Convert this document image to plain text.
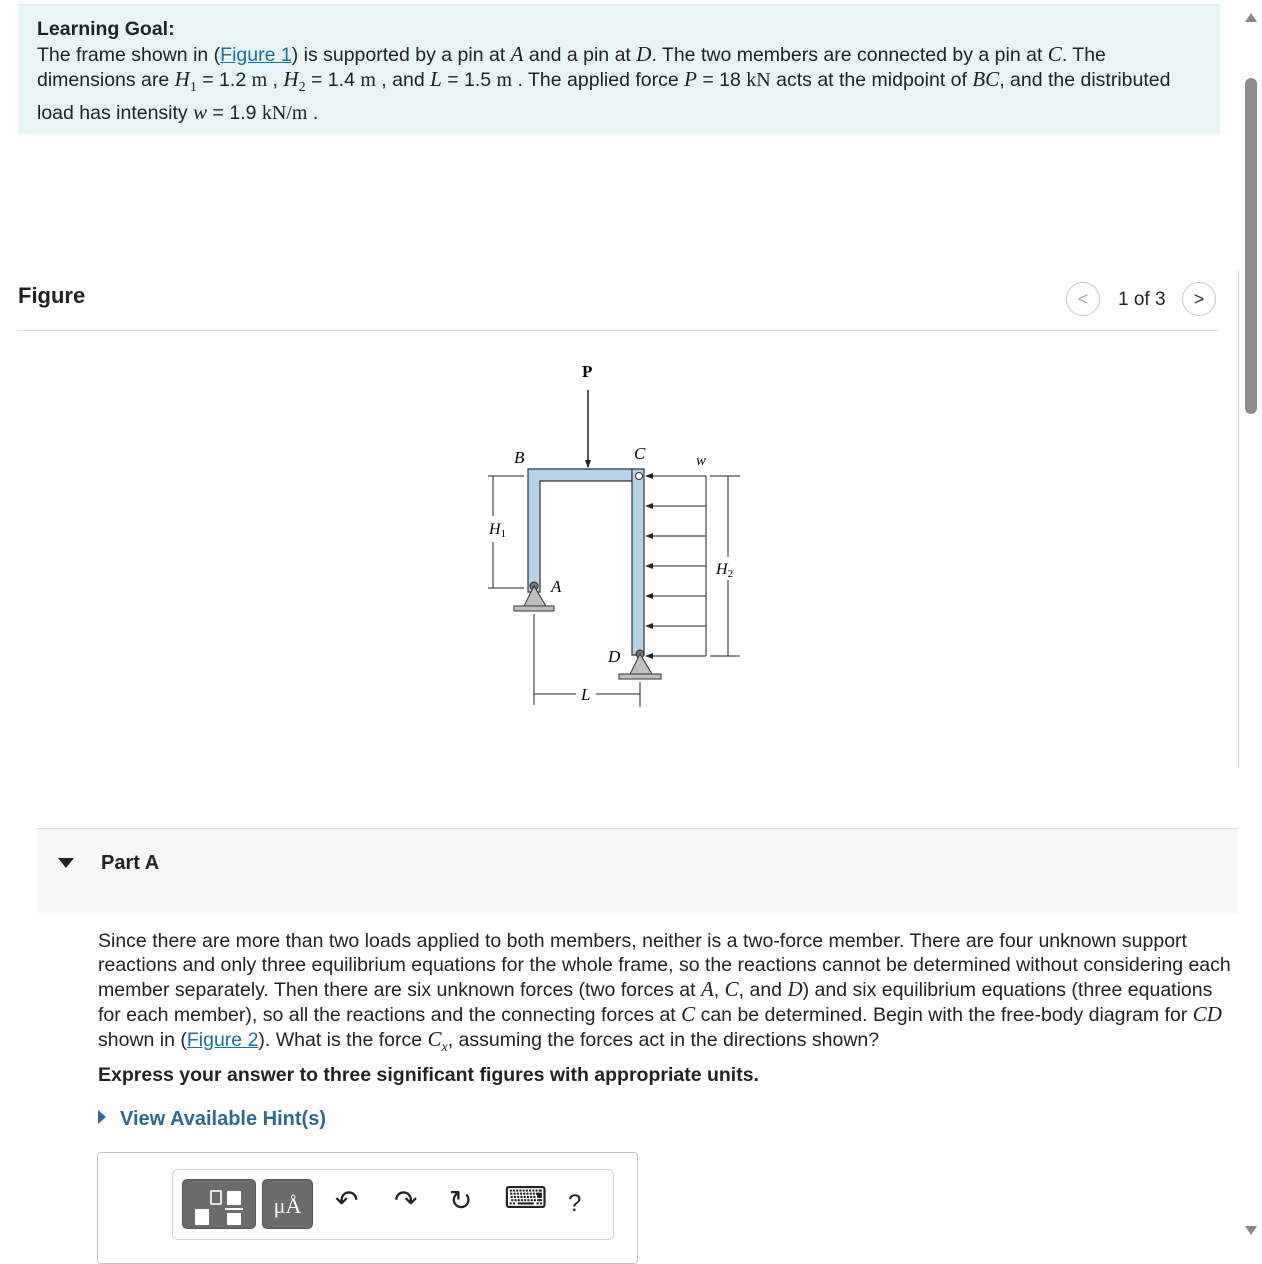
Learning Goal:
The frame shown in (Figure 1) is supported by a pin at A and a pin at D. The two members are connected by a pin at C. The dimensions are $H_1 = 1.2$ m , $H_2 = 1.4$ m , and L = 1.5 m . The applied force P = 18 kN acts at the midpoint of BC, and the distributed load has intensity w = 1.9 kN/m .
Figure	< 1 of 3 >
P
B	C	w
H1
A
H2
D
L
Part A
Since there are more than two loads applied to both members, neither is a two-force member. There are four unknown support reactions and only three equilibrium equations for the whole frame, so the reactions cannot be determined without considering each member separately. Then there are six unknown forces (two forces at A, C, and D) and six equilibrium equations (three equations for each member), so all the reactions and the connecting forces at C can be determined. Begin with the free-body diagram for CD
shown in (Figure 2). What is the force $C_x$, assuming the forces act in the directions shown?
Express your answer to three significant figures with appropriate units.
View Available Hint(s)
μÅ	↶ ↷ ↻ ⌨ ?
